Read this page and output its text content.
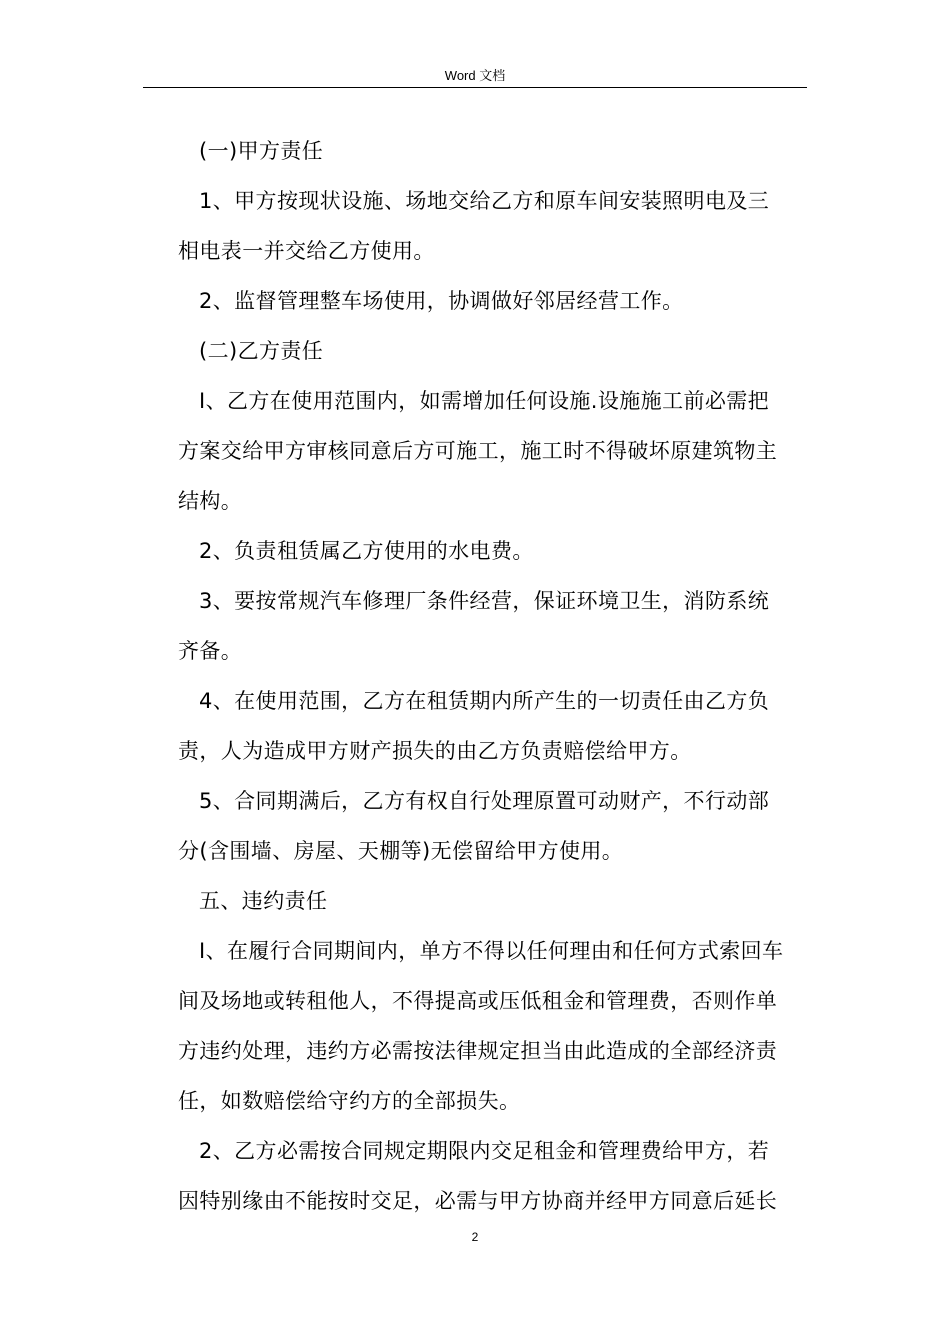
Word 文档
(一)甲方责任
1、甲方按现状设施、场地交给乙方和原车间安装照明电及三
相电表一并交给乙方使用。
2、监督管理整车场使用，协调做好邻居经营工作。
(二)乙方责任
I、乙方在使用范围内，如需增加任何设施.设施施工前必需把
方案交给甲方审核同意后方可施工，施工时不得破坏原建筑物主
结构。
2、负责租赁属乙方使用的水电费。
3、要按常规汽车修理厂条件经营，保证环境卫生，消防系统
齐备。
4、在使用范围，乙方在租赁期内所产生的一切责任由乙方负
责，人为造成甲方财产损失的由乙方负责赔偿给甲方。
5、合同期满后，乙方有权自行处理原置可动财产，不行动部
分(含围墙、房屋、天棚等)无偿留给甲方使用。
五、违约责任
I、在履行合同期间内，单方不得以任何理由和任何方式索回车
间及场地或转租他人，不得提高或压低租金和管理费，否则作单
方违约处理，违约方必需按法律规定担当由此造成的全部经济责
任，如数赔偿给守约方的全部损失。
2、乙方必需按合同规定期限内交足租金和管理费给甲方，若
因特别缘由不能按时交足，必需与甲方协商并经甲方同意后延长
2
